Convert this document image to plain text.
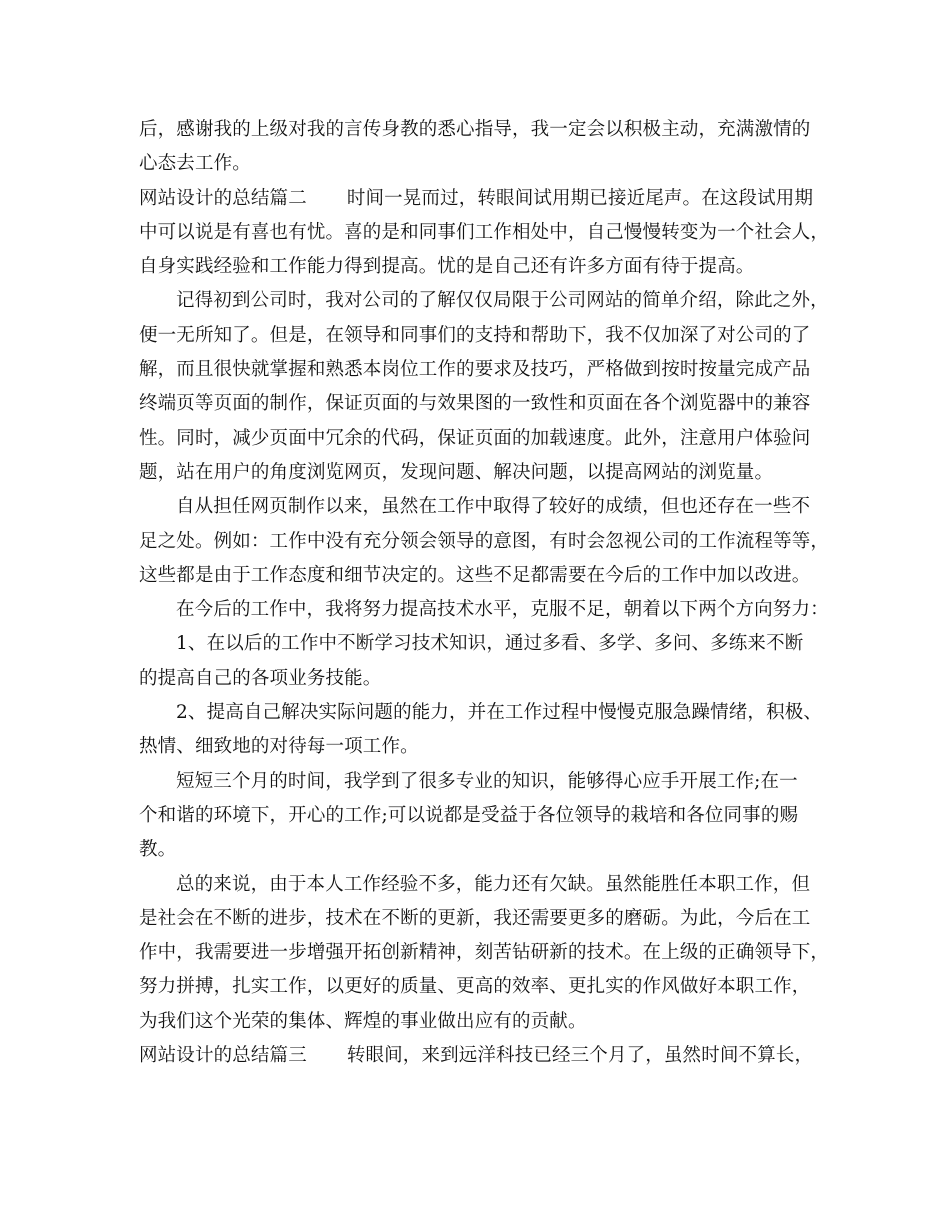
后，感谢我的上级对我的言传身教的悉心指导，我一定会以积极主动，充满激情的
心态去工作。
网站设计的总结篇二 时间一晃而过，转眼间试用期已接近尾声。在这段试用期
中可以说是有喜也有忧。喜的是和同事们工作相处中，自己慢慢转变为一个社会人，
自身实践经验和工作能力得到提高。忧的是自己还有许多方面有待于提高。
记得初到公司时，我对公司的了解仅仅局限于公司网站的简单介绍，除此之外，
便一无所知了。但是，在领导和同事们的支持和帮助下，我不仅加深了对公司的了
解，而且很快就掌握和熟悉本岗位工作的要求及技巧，严格做到按时按量完成产品
终端页等页面的制作，保证页面的与效果图的一致性和页面在各个浏览器中的兼容
性。同时，减少页面中冗余的代码，保证页面的加载速度。此外，注意用户体验问
题，站在用户的角度浏览网页，发现问题、解决问题，以提高网站的浏览量。
自从担任网页制作以来，虽然在工作中取得了较好的成绩，但也还存在一些不
足之处。例如：工作中没有充分领会领导的意图，有时会忽视公司的工作流程等等，
这些都是由于工作态度和细节决定的。这些不足都需要在今后的工作中加以改进。
在今后的工作中，我将努力提高技术水平，克服不足，朝着以下两个方向努力：
1、在以后的工作中不断学习技术知识，通过多看、多学、多问、多练来不断
的提高自己的各项业务技能。
2、提高自己解决实际问题的能力，并在工作过程中慢慢克服急躁情绪，积极、
热情、细致地的对待每一项工作。
短短三个月的时间，我学到了很多专业的知识，能够得心应手开展工作;在一
个和谐的环境下，开心的工作;可以说都是受益于各位领导的栽培和各位同事的赐
教。
总的来说，由于本人工作经验不多，能力还有欠缺。虽然能胜任本职工作，但
是社会在不断的进步，技术在不断的更新，我还需要更多的磨砺。为此，今后在工
作中，我需要进一步增强开拓创新精神，刻苦钻研新的技术。在上级的正确领导下，
努力拼搏，扎实工作，以更好的质量、更高的效率、更扎实的作风做好本职工作，
为我们这个光荣的集体、辉煌的事业做出应有的贡献。
网站设计的总结篇三 转眼间，来到远洋科技已经三个月了，虽然时间不算长，
